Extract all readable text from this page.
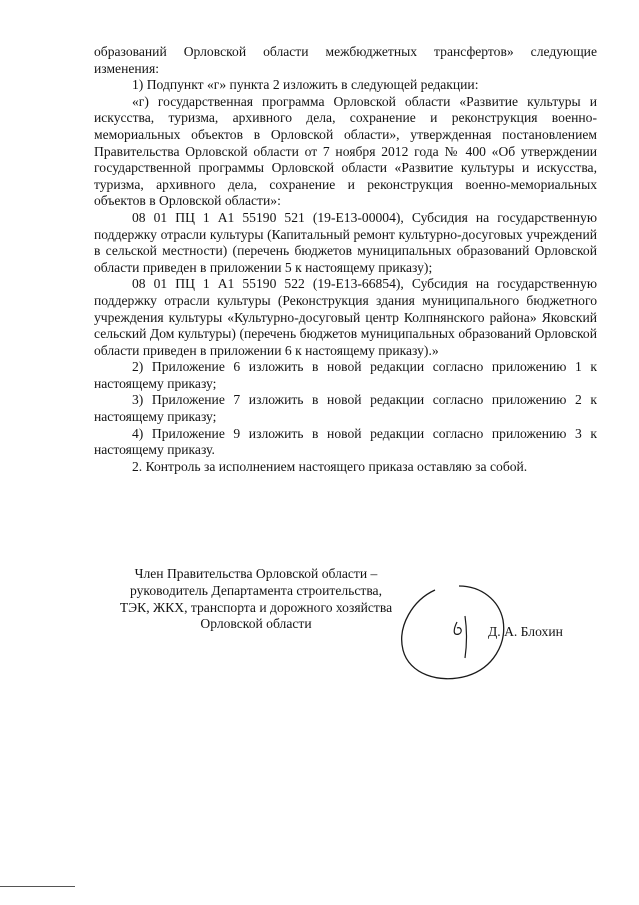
образований Орловской области межбюджетных трансфертов» следующие изменения:

1) Подпункт «г» пункта 2 изложить в следующей редакции:

«г) государственная программа Орловской области «Развитие культуры и искусства, туризма, архивного дела, сохранение и реконструкция военно-мемориальных объектов в Орловской области», утвержденная постановлением Правительства Орловской области от 7 ноября 2012 года № 400 «Об утверждении государственной программы Орловской области «Развитие культуры и искусства, туризма, архивного дела, сохранение и реконструкция военно-мемориальных объектов в Орловской области»:

08 01 ПЦ 1 А1 55190 521 (19-Е13-00004), Субсидия на государственную поддержку отрасли культуры (Капитальный ремонт культурно-досуговых учреждений в сельской местности) (перечень бюджетов муниципальных образований Орловской области приведен в приложении 5 к настоящему приказу);

08 01 ПЦ 1 А1 55190 522 (19-Е13-66854), Субсидия на государственную поддержку отрасли культуры (Реконструкция здания муниципального бюджетного учреждения культуры «Культурно-досуговый центр Колпнянского района» Яковский сельский Дом культуры) (перечень бюджетов муниципальных образований Орловской области приведен в приложении 6 к настоящему приказу).»

2) Приложение 6 изложить в новой редакции согласно приложению 1 к настоящему приказу;

3) Приложение 7 изложить в новой редакции согласно приложению 2 к настоящему приказу;

4) Приложение 9 изложить в новой редакции согласно приложению 3 к настоящему приказу.

2. Контроль за исполнением настоящего приказа оставляю за собой.

Член Правительства Орловской области –
руководитель Департамента строительства,
ТЭК, ЖКХ, транспорта и дорожного хозяйства
Орловской области
Д. А. Блохин
